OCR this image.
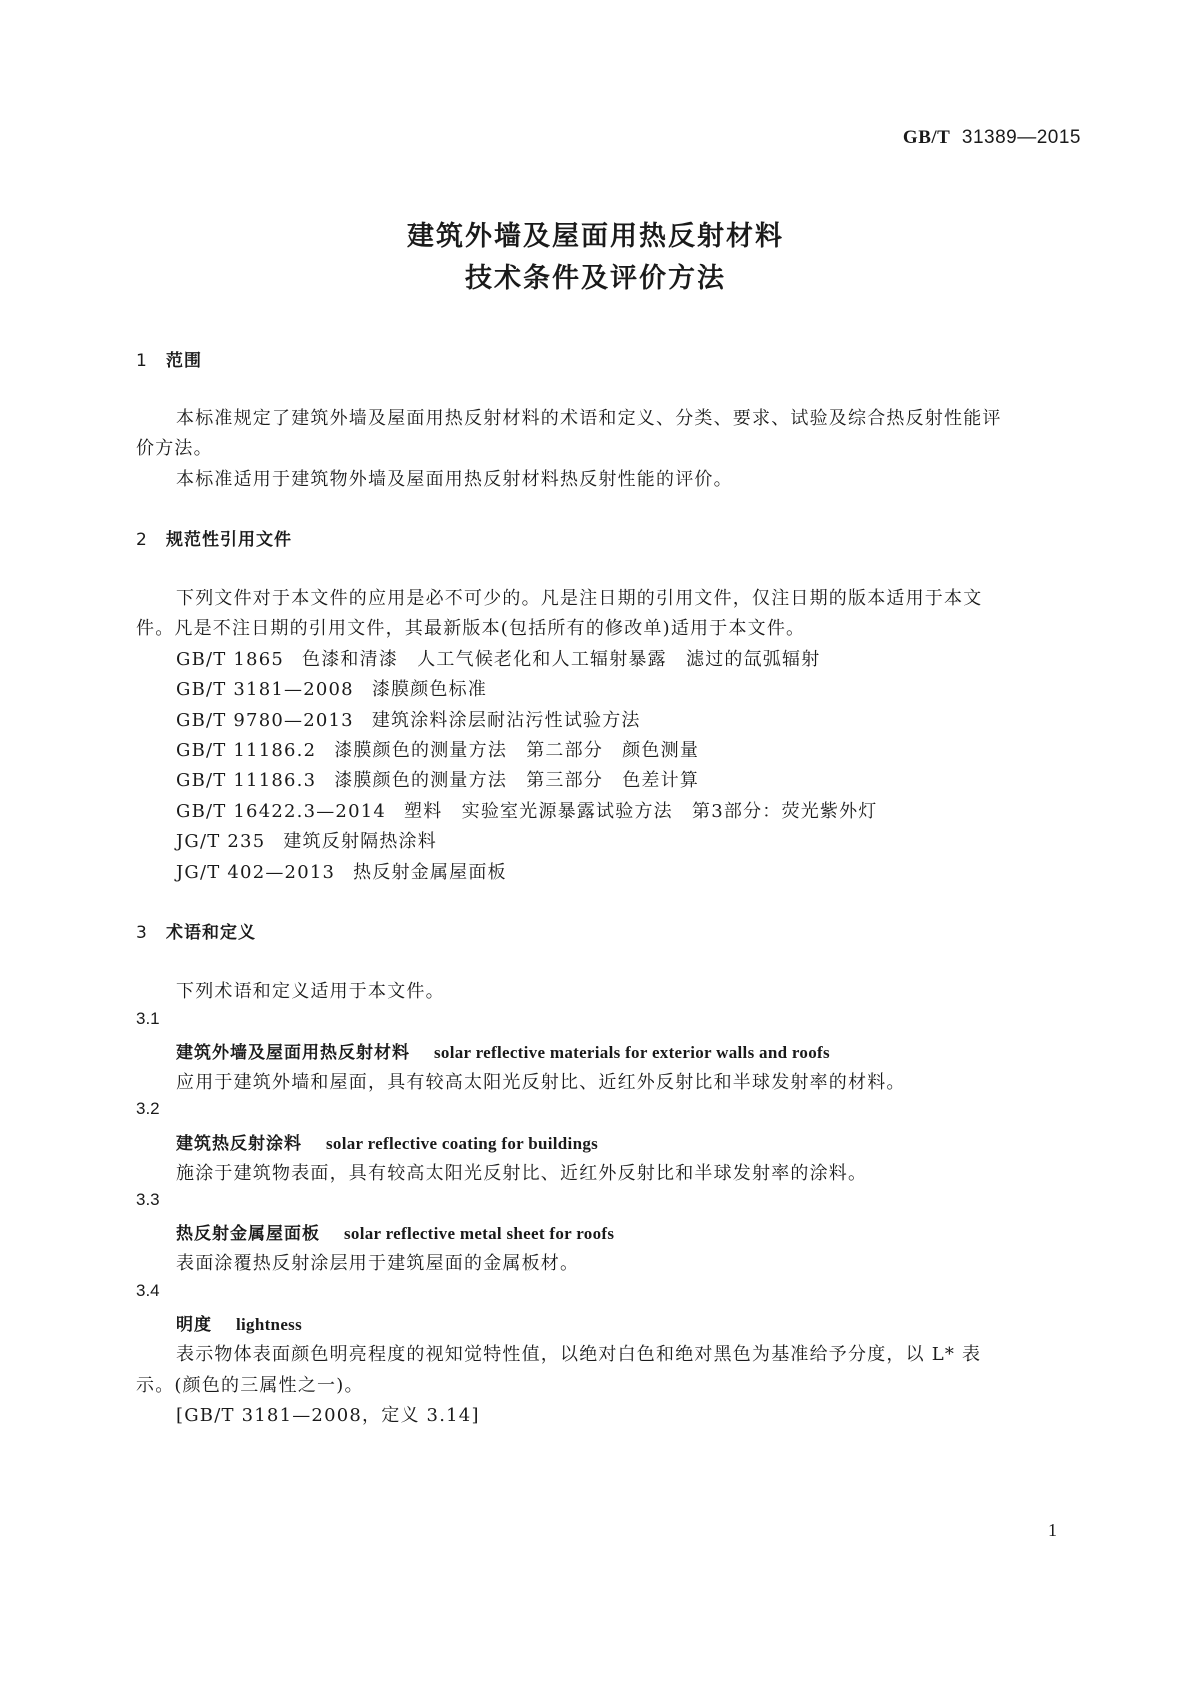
GB/T 31389—2015
建筑外墙及屋面用热反射材料
技术条件及评价方法
1 范围
本标准规定了建筑外墙及屋面用热反射材料的术语和定义、分类、要求、试验及综合热反射性能评
价方法。
本标准适用于建筑物外墙及屋面用热反射材料热反射性能的评价。
2 规范性引用文件
下列文件对于本文件的应用是必不可少的。凡是注日期的引用文件，仅注日期的版本适用于本文
件。凡是不注日期的引用文件，其最新版本(包括所有的修改单)适用于本文件。
GB/T 1865 色漆和清漆　人工气候老化和人工辐射暴露　滤过的氙弧辐射
GB/T 3181—2008 漆膜颜色标准
GB/T 9780—2013 建筑涂料涂层耐沾污性试验方法
GB/T 11186.2 漆膜颜色的测量方法　第二部分　颜色测量
GB/T 11186.3 漆膜颜色的测量方法　第三部分　色差计算
GB/T 16422.3—2014 塑料　实验室光源暴露试验方法　第3部分：荧光紫外灯
JG/T 235 建筑反射隔热涂料
JG/T 402—2013 热反射金属屋面板
3 术语和定义
下列术语和定义适用于本文件。
3.1
建筑外墙及屋面用热反射材料 solar reflective materials for exterior walls and roofs
应用于建筑外墙和屋面，具有较高太阳光反射比、近红外反射比和半球发射率的材料。
3.2
建筑热反射涂料 solar reflective coating for buildings
施涂于建筑物表面，具有较高太阳光反射比、近红外反射比和半球发射率的涂料。
3.3
热反射金属屋面板 solar reflective metal sheet for roofs
表面涂覆热反射涂层用于建筑屋面的金属板材。
3.4
明度 lightness
表示物体表面颜色明亮程度的视知觉特性值，以绝对白色和绝对黑色为基准给予分度，以 L* 表
示。(颜色的三属性之一)。
[GB/T 3181—2008，定义 3.14]
1
